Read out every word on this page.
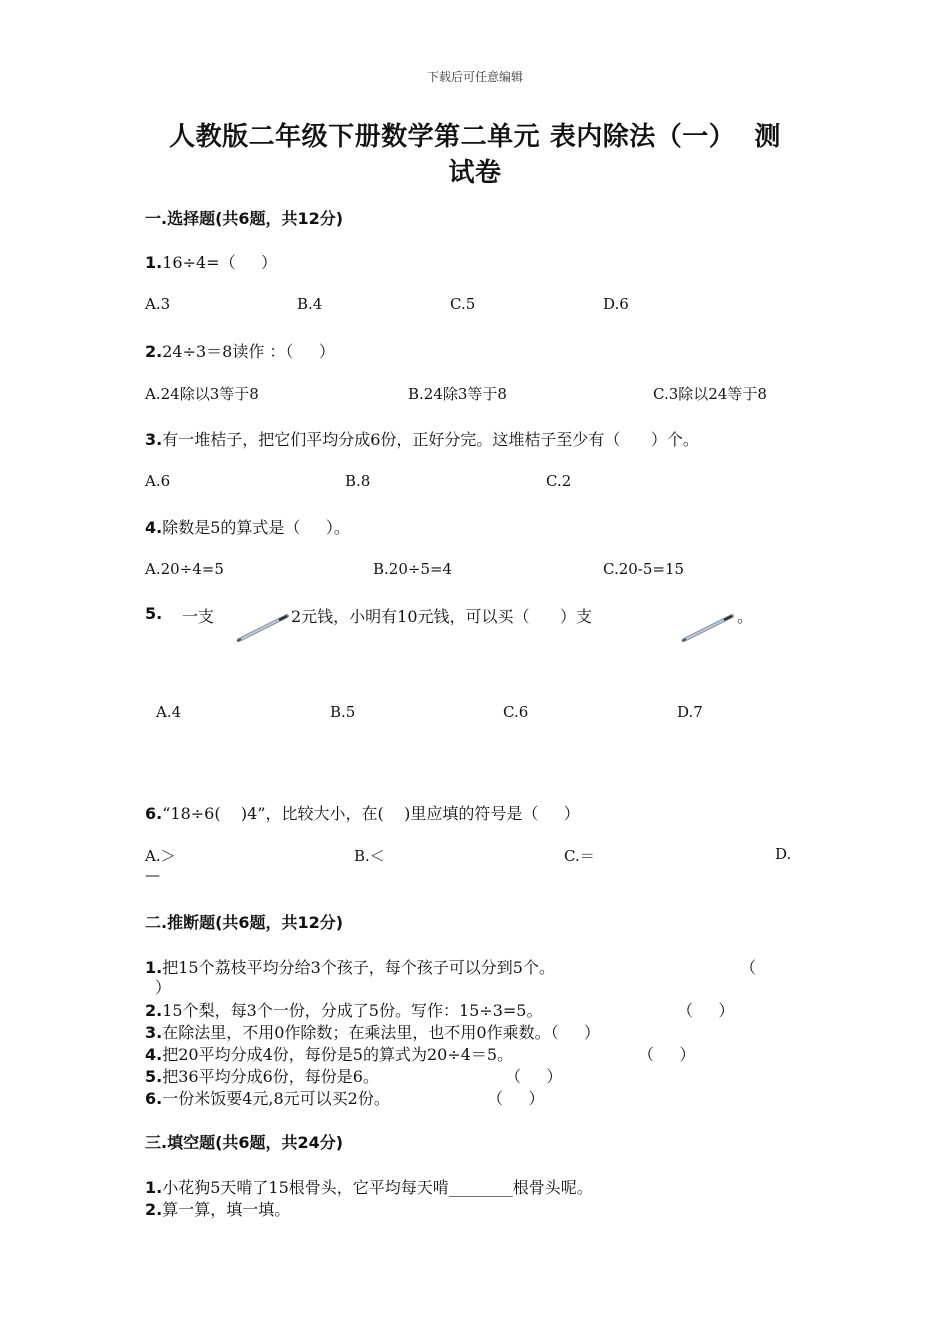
下载后可任意编辑
人教版二年级下册数学第二单元 表内除法（一）  测
试卷
一.选择题(共6题，共12分)
1.16÷4=（     ）
A.3	B.4	C.5	D.6
2.24÷3＝8读作 ：（     ）
A.24除以3等于8	B.24除3等于8	C.3除以24等于8
3.有一堆桔子，把它们平均分成6份，正好分完。这堆桔子至少有（      ）个。
A.6	B.8	C.2
4.除数是5的算式是（     ）。
A.20÷4=5	B.20÷5=4	C.20-5=15
5. 一支	2元钱，小明有10元钱，可以买（      ）支	。
A.4	B.5	C.6	D.7
6.“18÷6(    )4”，比较大小，在(    )里应填的符号是（     ）
A.＞	B.＜	C.＝	D.
—
二.推断题(共6题，共12分)
1.把15个荔枝平均分给3个孩子，每个孩子可以分到5个。	（
）
2.15个梨，每3个一份，分成了5份。写作：15÷3=5。	（     ）
3.在除法里，不用0作除数；在乘法里，也不用0作乘数。（     ）
4.把20平均分成4份，每份是5的算式为20÷4＝5。	（     ）
5.把36平均分成6份，每份是6。	（     ）
6.一份米饭要4元,8元可以买2份。	（     ）
三.填空题(共6题，共24分)
1.小花狗5天啃了15根骨头，它平均每天啃________根骨头呢。
2.算一算，填一填。
